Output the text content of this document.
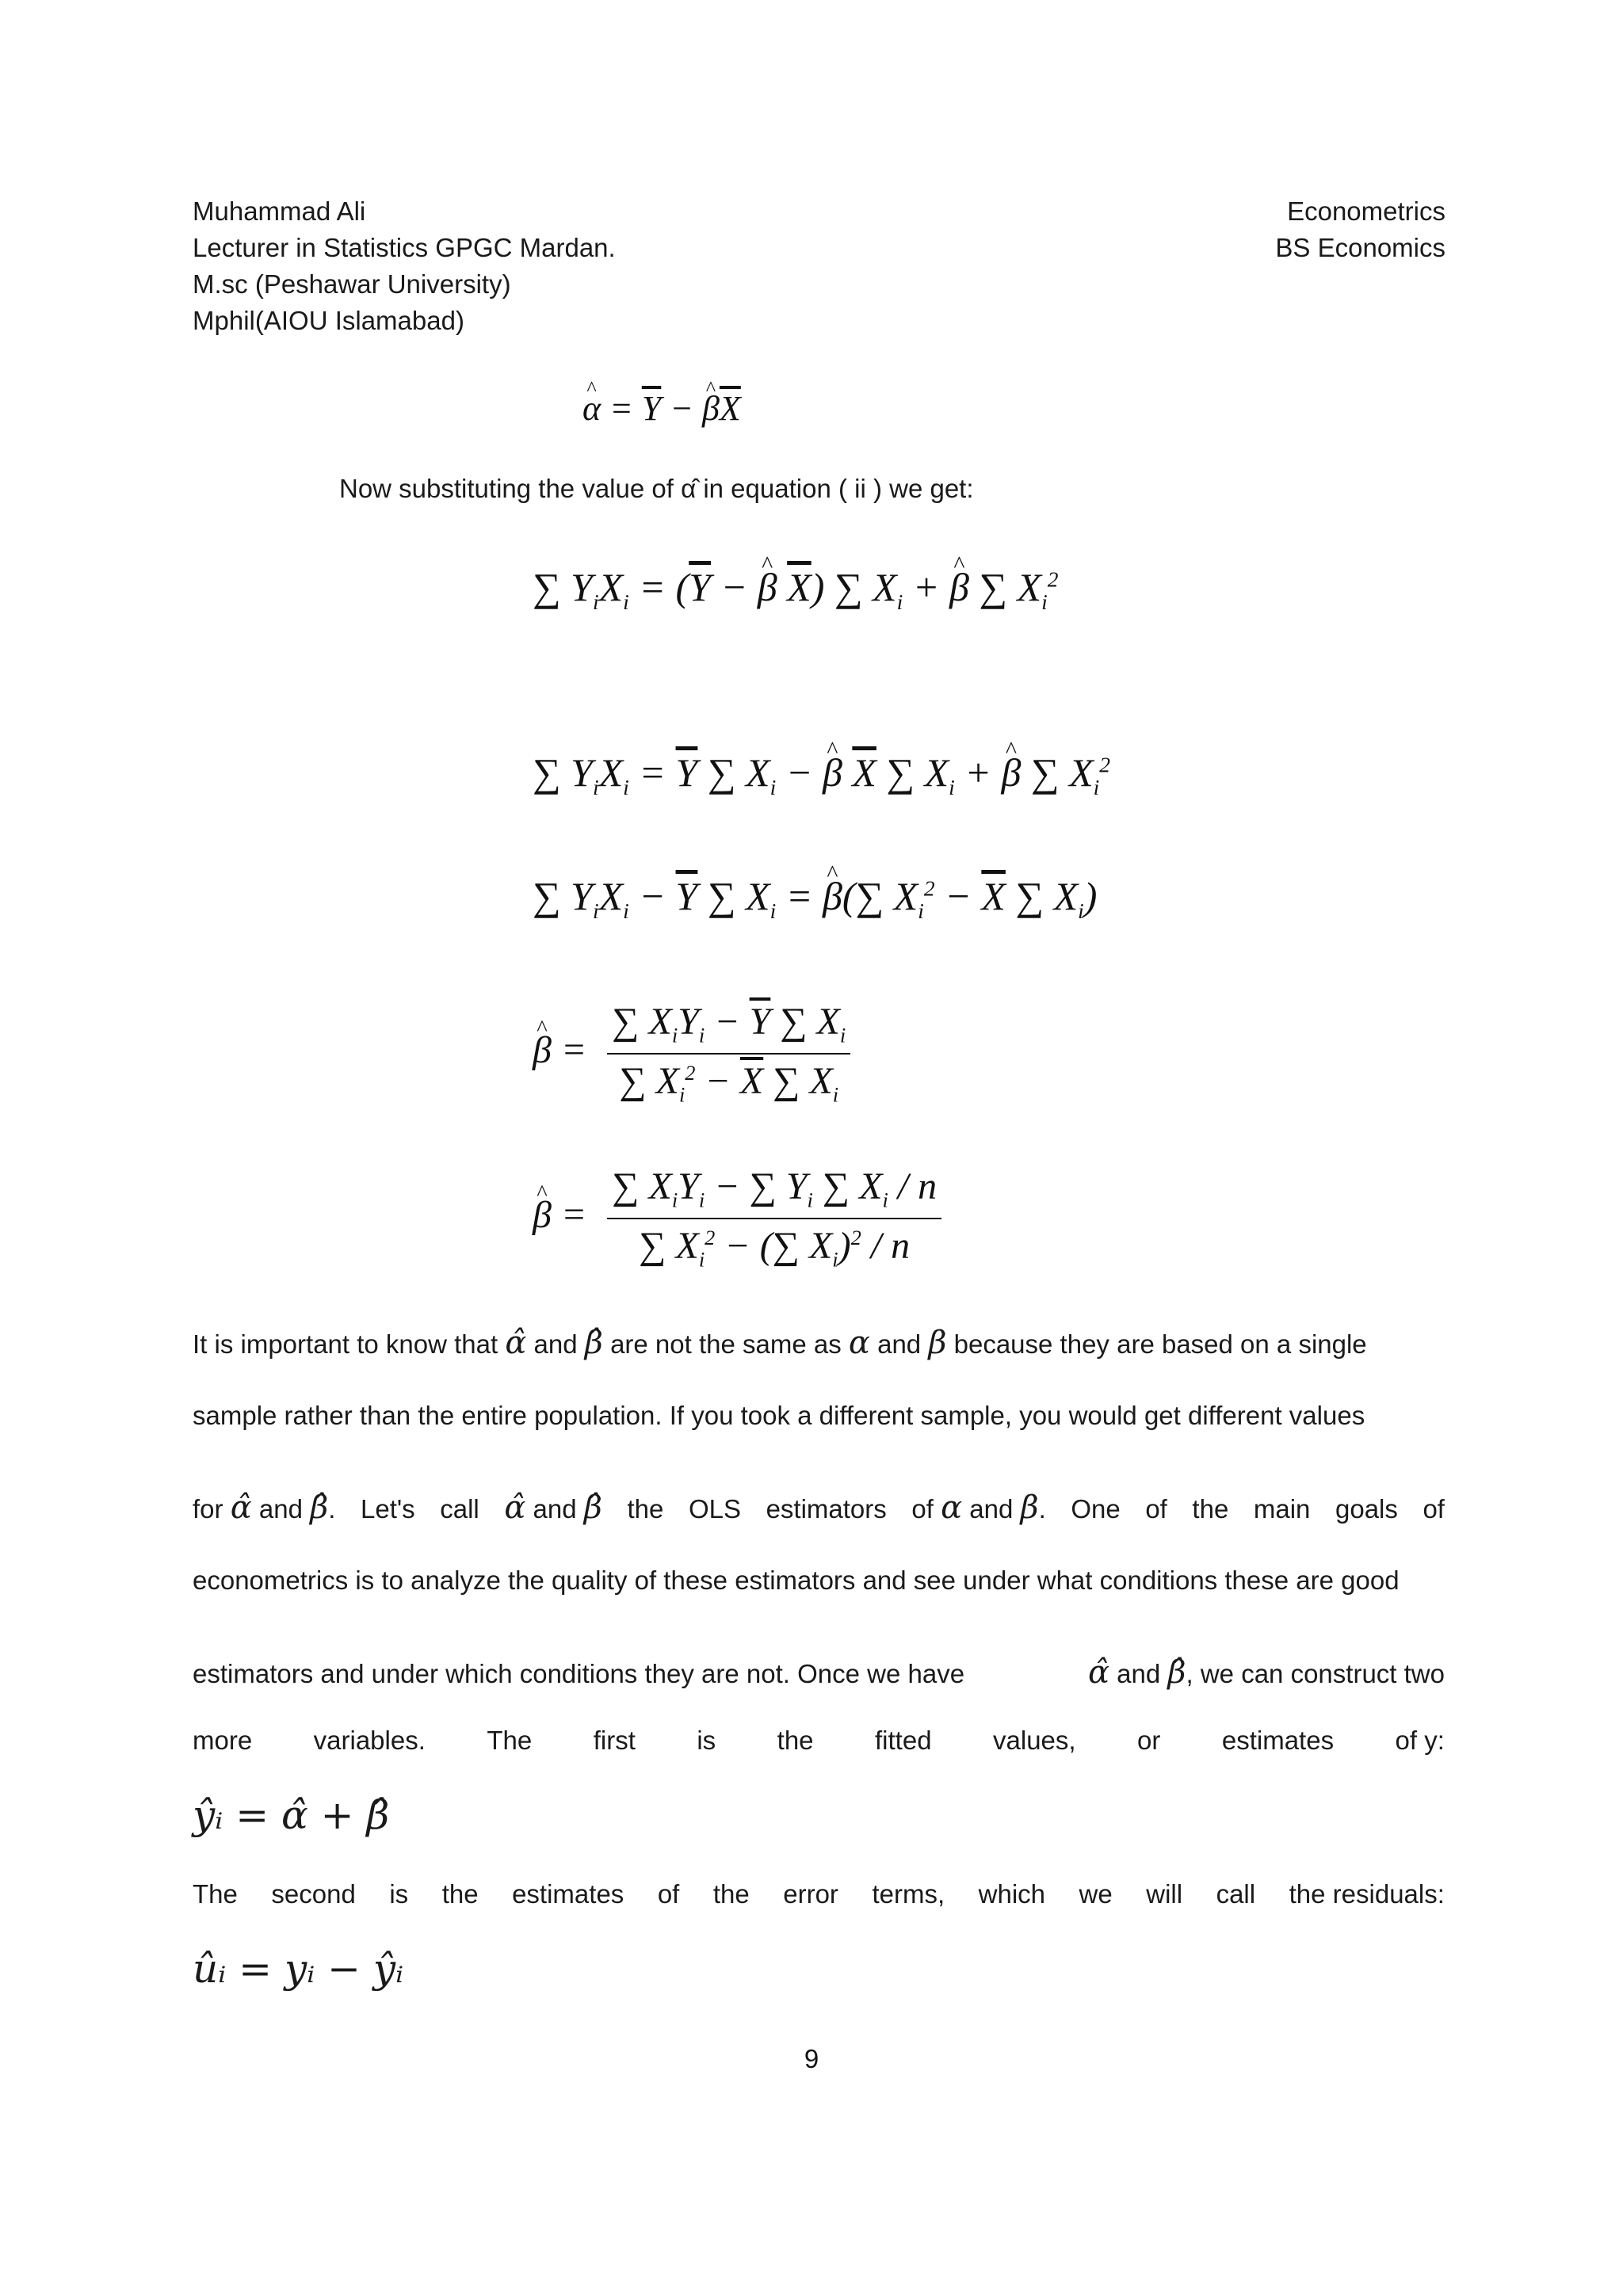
Muhammad Ali
Lecturer in Statistics GPGC Mardan.
M.sc (Peshawar University)
Mphil(AIOU Islamabad)
Econometrics
BS Economics
^ $\alpha = \overline{Y}$ − ^ $\beta\overline{X}$
Now substituting the value of α̂ in equation ( ii ) we get:
∑ $Y_iX_i = (\overline{Y}$ − ^ β $\overline{X}$) ∑ $X_i$ + ^ β ∑ $X_i^2$
∑ $Y_iX_i = \overline{Y}$ ∑ $X_i$ − ^ β $\overline{X}$ ∑ $X_i$ + ^ β ∑ $X_i^2$
∑ $Y_iX_i - \overline{Y}$ ∑ $X_i$ = ^ β(∑ $X_i^2 - \overline{X}$ ∑ $X_i$)
^ $\beta = \frac{\sum X_iY_i - \overline{Y} \sum X_i}{\sum X_i^2 - \overline{X} \sum X_i}$
^ $\beta = \frac{\sum X_iY_i - \sum Y_i \sum X_i / n}{\sum X_i^2 - (\sum X_i)^2 / n}$
It is important to know that α̂ and β̂ are not the same as α and β because they are based on a single
sample rather than the entire population. If you took a different sample, you would get different values
for α̂ and β̂. Let's call α̂ and β̂ the OLS estimators of α and β. One of the main goals of
econometrics is to analyze the quality of these estimators and see under what conditions these are good
estimators and under which conditions they are not. Once we have	α̂ and β̂, we can construct two
more variables. The first is the fitted values, or estimates of y:
ŷᵢ = α̂ + β̂
The second is the estimates of the error terms, which we will call the residuals:
ûᵢ = yᵢ − ŷᵢ
9
